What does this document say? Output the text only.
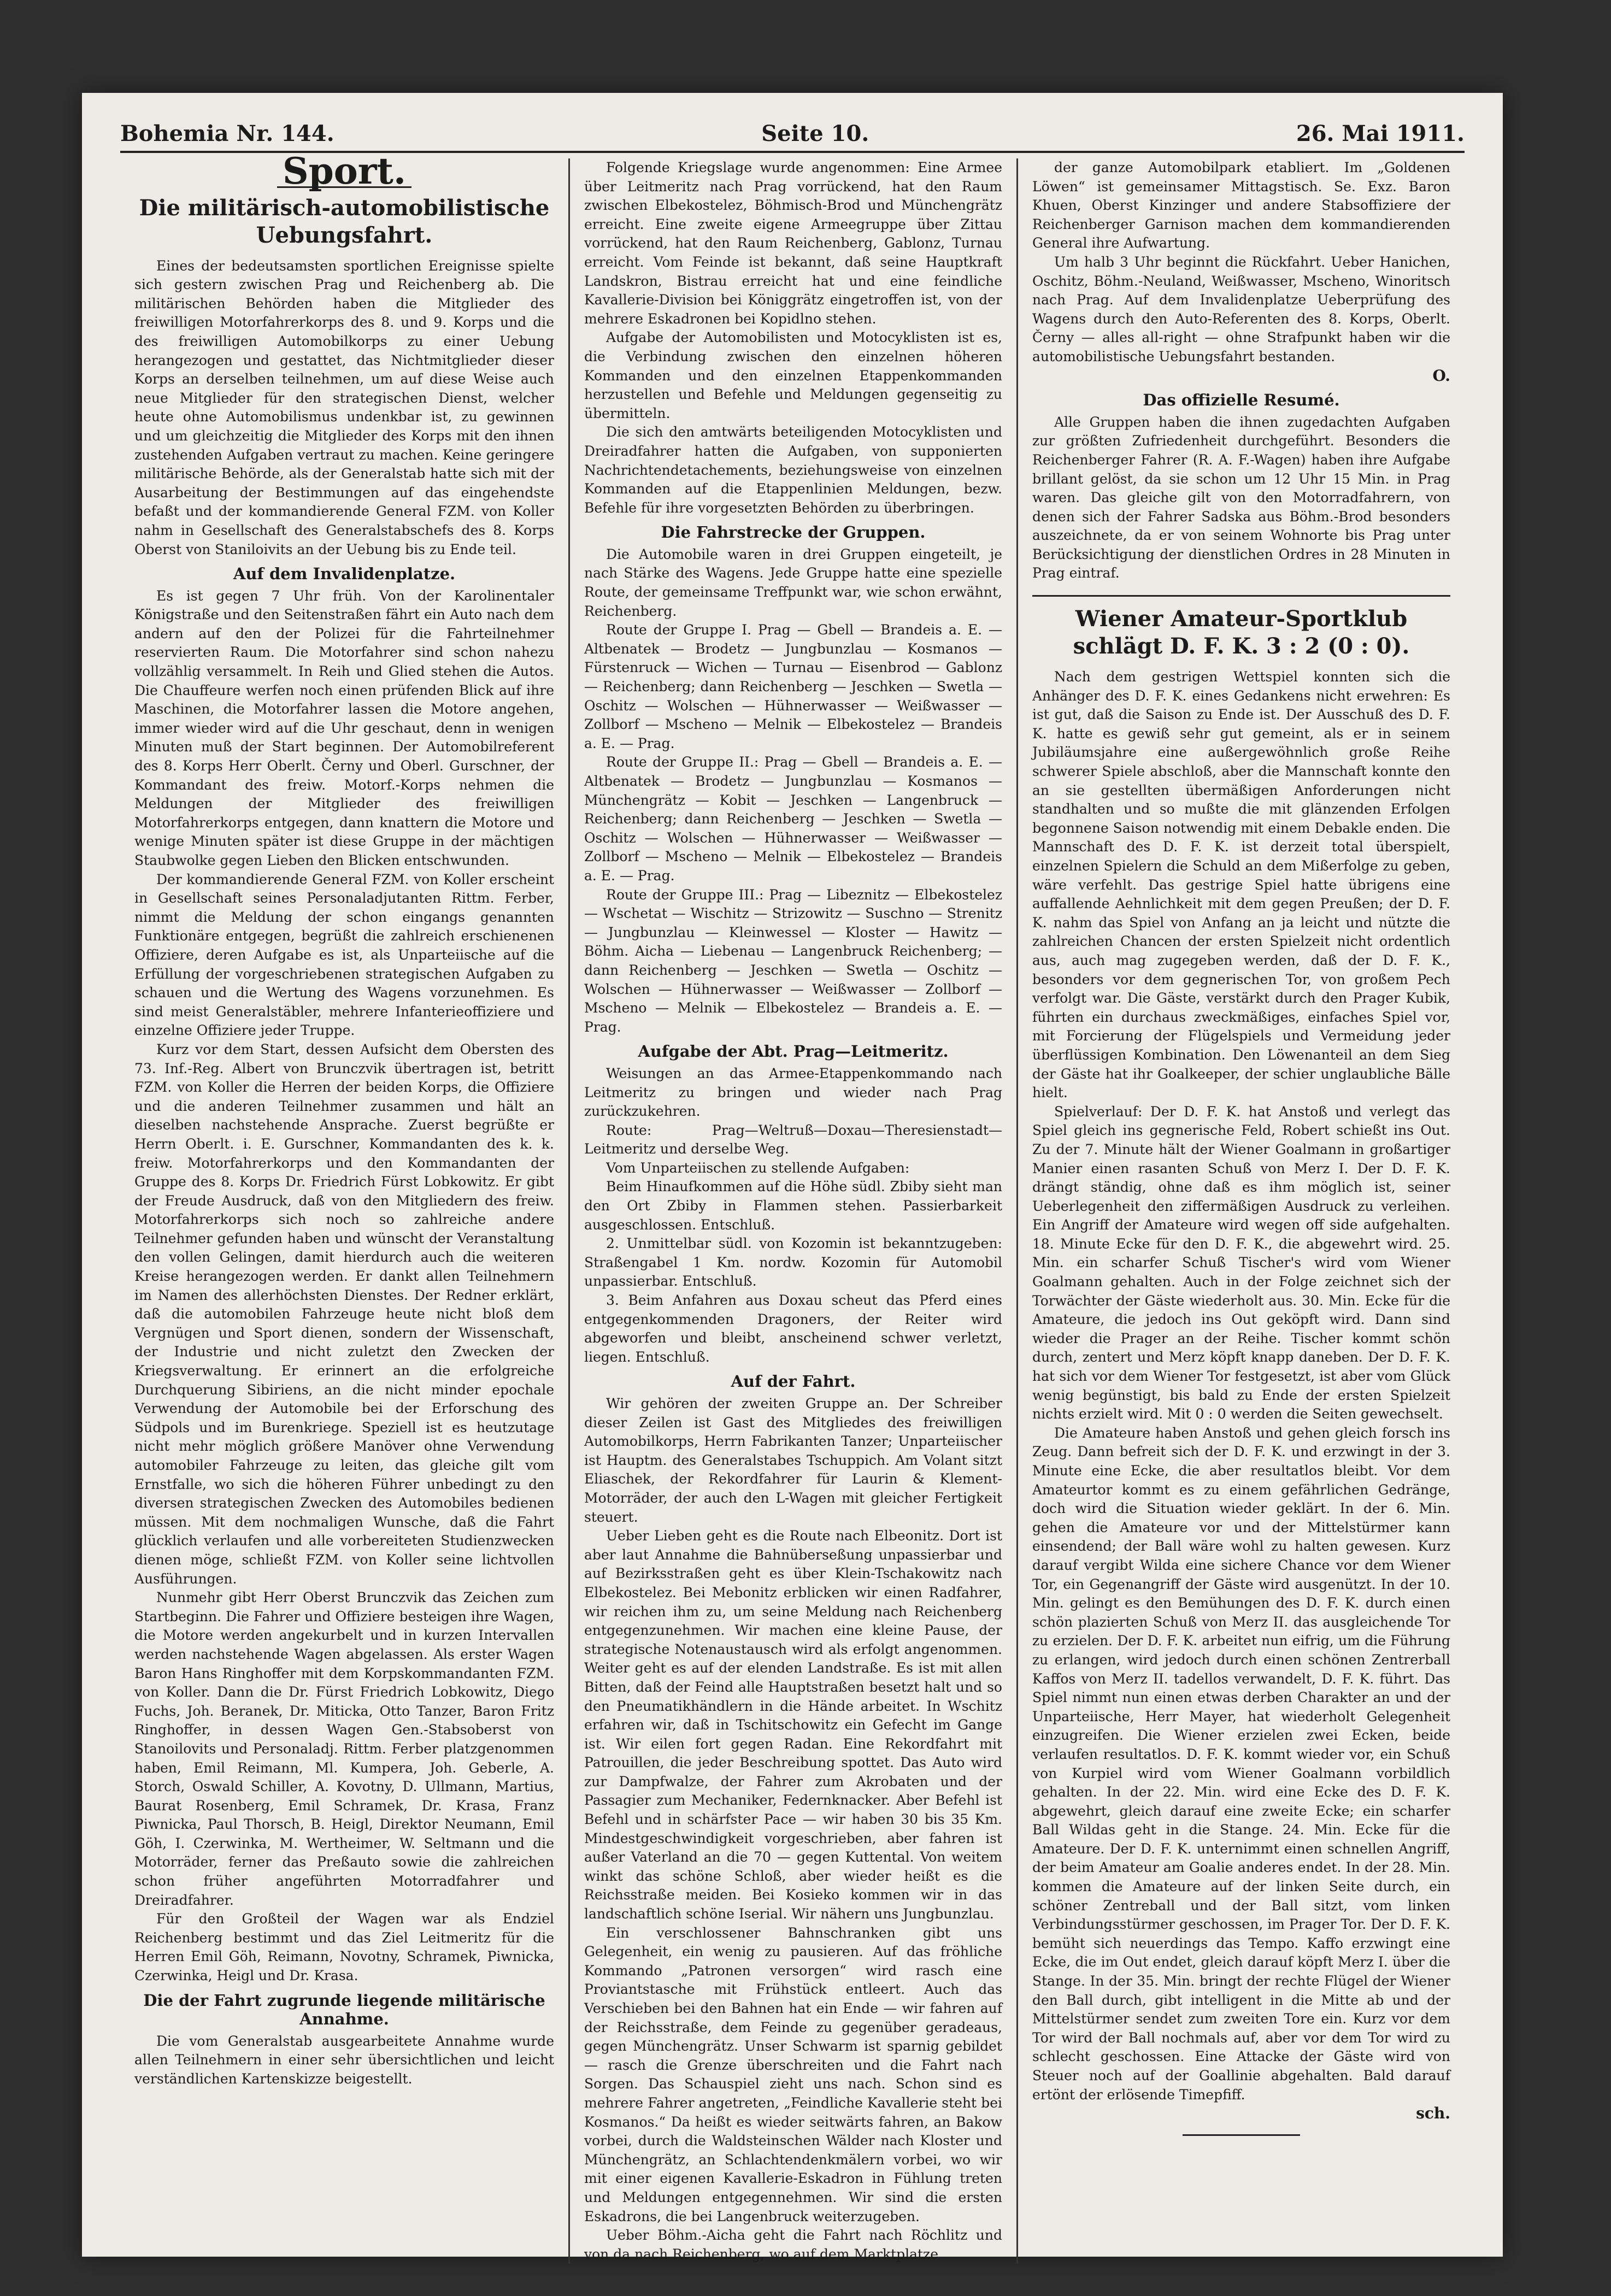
Bohemia Nr. 144.	Seite 10.	26. Mai 1911.
Sport.
Die militärisch-automobilistische Uebungsfahrt.

Eines der bedeutsamsten sportlichen Ereignisse spielte sich gestern zwischen Prag und Reichenberg ab. Die militärischen Behörden haben die Mitglieder des freiwilligen Motorfahrerkorps des 8. und 9. Korps und die des freiwilligen Automobilkorps zu einer Uebung herangezogen und gestattet, das Nichtmitglieder dieser Korps an derselben teilnehmen, um auf diese Weise auch neue Mitglieder für den strategischen Dienst, welcher heute ohne Automobilismus undenkbar ist, zu gewinnen und um gleichzeitig die Mitglieder des Korps mit den ihnen zustehenden Aufgaben vertraut zu machen. Keine geringere militärische Behörde, als der Generalstab hatte sich mit der Ausarbeitung der Bestimmungen auf das eingehendste befaßt und der kommandierende General FZM. von Koller nahm in Gesellschaft des Generalstabschefs des 8. Korps Oberst von Staniloivits an der Uebung bis zu Ende teil.

Auf dem Invalidenplatze.

Es ist gegen 7 Uhr früh. Von der Karolinentaler Königstraße und den Seitenstraßen fährt ein Auto nach dem andern auf den der Polizei für die Fahrteilnehmer reservierten Raum. Die Motorfahrer sind schon nahezu vollzählig versammelt. In Reih und Glied stehen die Autos. Die Chauffeure werfen noch einen prüfenden Blick auf ihre Maschinen, die Motorfahrer lassen die Motore angehen, immer wieder wird auf die Uhr geschaut, denn in wenigen Minuten muß der Start beginnen. Der Automobilreferent des 8. Korps Herr Oberlt. Černy und Oberl. Gurschner, der Kommandant des freiw. Motorf.-Korps nehmen die Meldungen der Mitglieder des freiwilligen Motorfahrerkorps entgegen, dann knattern die Motore und wenige Minuten später ist diese Gruppe in der mächtigen Staubwolke gegen Lieben den Blicken entschwunden.

Der kommandierende General FZM. von Koller erscheint in Gesellschaft seines Personaladjutanten Rittm. Ferber, nimmt die Meldung der schon eingangs genannten Funktionäre entgegen, begrüßt die zahlreich erschienenen Offiziere, deren Aufgabe es ist, als Unparteiische auf die Erfüllung der vorgeschriebenen strategischen Aufgaben zu schauen und die Wertung des Wagens vorzunehmen. Es sind meist Generalstäbler, mehrere Infanterieoffiziere und einzelne Offiziere jeder Truppe.

Kurz vor dem Start, dessen Aufsicht dem Obersten des 73. Inf.-Reg. Albert von Brunczvik übertragen ist, betritt FZM. von Koller die Herren der beiden Korps, die Offiziere und die anderen Teilnehmer zusammen und hält an dieselben nachstehende Ansprache. Zuerst begrüßte er Herrn Oberlt. i. E. Gurschner, Kommandanten des k. k. freiw. Motorfahrerkorps und den Kommandanten der Gruppe des 8. Korps Dr. Friedrich Fürst Lobkowitz. Er gibt der Freude Ausdruck, daß von den Mitgliedern des freiw. Motorfahrerkorps sich noch so zahlreiche andere Teilnehmer gefunden haben und wünscht der Veranstaltung den vollen Gelingen, damit hierdurch auch die weiteren Kreise herangezogen werden. Er dankt allen Teilnehmern im Namen des allerhöchsten Dienstes. Der Redner erklärt, daß die automobilen Fahrzeuge heute nicht bloß dem Vergnügen und Sport dienen, sondern der Wissenschaft, der Industrie und nicht zuletzt den Zwecken der Kriegsverwaltung. Er erinnert an die erfolgreiche Durchquerung Sibiriens, an die nicht minder epochale Verwendung der Automobile bei der Erforschung des Südpols und im Burenkriege. Speziell ist es heutzutage nicht mehr möglich größere Manöver ohne Verwendung automobiler Fahrzeuge zu leiten, das gleiche gilt vom Ernstfalle, wo sich die höheren Führer unbedingt zu den diversen strategischen Zwecken des Automobiles bedienen müssen. Mit dem nochmaligen Wunsche, daß die Fahrt glücklich verlaufen und alle vorbereiteten Studienzwecken dienen möge, schließt FZM. von Koller seine lichtvollen Ausführungen.

Nunmehr gibt Herr Oberst Brunczvik das Zeichen zum Startbeginn. Die Fahrer und Offiziere besteigen ihre Wagen, die Motore werden angekurbelt und in kurzen Intervallen werden nachstehende Wagen abgelassen. Als erster Wagen Baron Hans Ringhoffer mit dem Korpskommandanten FZM. von Koller. Dann die Dr. Fürst Friedrich Lobkowitz, Diego Fuchs, Joh. Beranek, Dr. Miticka, Otto Tanzer, Baron Fritz Ringhoffer, in dessen Wagen Gen.-Stabsoberst von Stanoilovits und Personaladj. Rittm. Ferber platzgenommen haben, Emil Reimann, Ml. Kumpera, Joh. Geberle, A. Storch, Oswald Schiller, A. Kovotny, D. Ullmann, Martius, Baurat Rosenberg, Emil Schramek, Dr. Krasa, Franz Piwnicka, Paul Thorsch, B. Heigl, Direktor Neumann, Emil Göh, I. Czerwinka, M. Wertheimer, W. Seltmann und die Motorräder, ferner das Preßauto sowie die zahlreichen schon früher angeführten Motorradfahrer und Dreiradfahrer.

Für den Großteil der Wagen war als Endziel Reichenberg bestimmt und das Ziel Leitmeritz für die Herren Emil Göh, Reimann, Novotny, Schramek, Piwnicka, Czerwinka, Heigl und Dr. Krasa.

Die der Fahrt zugrunde liegende militärische Annahme.

Die vom Generalstab ausgearbeitete Annahme wurde allen Teilnehmern in einer sehr übersichtlichen und leicht verständlichen Kartenskizze beigestellt.

Folgende Kriegslage wurde angenommen: Eine Armee über Leitmeritz nach Prag vorrückend, hat den Raum zwischen Elbekostelez, Böhmisch-Brod und Münchengrätz erreicht. Eine zweite eigene Armeegruppe über Zittau vorrückend, hat den Raum Reichenberg, Gablonz, Turnau erreicht. Vom Feinde ist bekannt, daß seine Hauptkraft Landskron, Bistrau erreicht hat und eine feindliche Kavallerie-Division bei Königgrätz eingetroffen ist, von der mehrere Eskadronen bei Kopidlno stehen.

Aufgabe der Automobilisten und Motocyklisten ist es, die Verbindung zwischen den einzelnen höheren Kommanden und den einzelnen Etappenkommanden herzustellen und Befehle und Meldungen gegenseitig zu übermitteln.

Die sich den amtwärts beteiligenden Motocyklisten und Dreiradfahrer hatten die Aufgaben, von supponierten Nachrichtendetachements, beziehungsweise von einzelnen Kommanden auf die Etappenlinien Meldungen, bezw. Befehle für ihre vorgesetzten Behörden zu überbringen.

Die Fahrstrecke der Gruppen.

Die Automobile waren in drei Gruppen eingeteilt, je nach Stärke des Wagens. Jede Gruppe hatte eine spezielle Route, der gemeinsame Treffpunkt war, wie schon erwähnt, Reichenberg.

Route der Gruppe I. Prag — Gbell — Brandeis a. E. — Altbenatek — Brodetz — Jungbunzlau — Kosmanos — Fürstenruck — Wichen — Turnau — Eisenbrod — Gablonz — Reichenberg; dann Reichenberg — Jeschken — Swetla — Oschitz — Wolschen — Hühnerwasser — Weißwasser — Zollborf — Mscheno — Melnik — Elbekostelez — Brandeis a. E. — Prag.

Route der Gruppe II.: Prag — Gbell — Brandeis a. E. — Altbenatek — Brodetz — Jungbunzlau — Kosmanos — Münchengrätz — Kobit — Jeschken — Langenbruck — Reichenberg; dann Reichenberg — Jeschken — Swetla — Oschitz — Wolschen — Hühnerwasser — Weißwasser — Zollborf — Mscheno — Melnik — Elbekostelez — Brandeis a. E. — Prag.

Route der Gruppe III.: Prag — Libeznitz — Elbekostelez — Wschetat — Wischitz — Strizowitz — Suschno — Strenitz — Jungbunzlau — Kleinwessel — Kloster — Hawitz — Böhm. Aicha — Liebenau — Langenbruck Reichenberg; — dann Reichenberg — Jeschken — Swetla — Oschitz — Wolschen — Hühnerwasser — Weißwasser — Zollborf — Mscheno — Melnik — Elbekostelez — Brandeis a. E. — Prag.

Aufgabe der Abt. Prag—Leitmeritz.

Weisungen an das Armee-Etappenkommando nach Leitmeritz zu bringen und wieder nach Prag zurückzukehren.

Route: Prag—Weltruß—Doxau—Theresienstadt—Leitmeritz und derselbe Weg.

Vom Unparteiischen zu stellende Aufgaben:

Beim Hinaufkommen auf die Höhe südl. Zbiby sieht man den Ort Zbiby in Flammen stehen. Passierbarkeit ausgeschlossen. Entschluß.

2. Unmittelbar südl. von Kozomin ist bekanntzugeben: Straßengabel 1 Km. nordw. Kozomin für Automobil unpassierbar. Entschluß.

3. Beim Anfahren aus Doxau scheut das Pferd eines entgegenkommenden Dragoners, der Reiter wird abgeworfen und bleibt, anscheinend schwer verletzt, liegen. Entschluß.

Auf der Fahrt.

Wir gehören der zweiten Gruppe an. Der Schreiber dieser Zeilen ist Gast des Mitgliedes des freiwilligen Automobilkorps, Herrn Fabrikanten Tanzer; Unparteiischer ist Hauptm. des Generalstabes Tschuppich. Am Volant sitzt Eliaschek, der Rekordfahrer für Laurin & Klement-Motorräder, der auch den L-Wagen mit gleicher Fertigkeit steuert.

Ueber Lieben geht es die Route nach Elbeonitz. Dort ist aber laut Annahme die Bahnüberseßung unpassierbar und auf Bezirksstraßen geht es über Klein-Tschakowitz nach Elbekostelez. Bei Mebonitz erblicken wir einen Radfahrer, wir reichen ihm zu, um seine Meldung nach Reichenberg entgegenzunehmen. Wir machen eine kleine Pause, der strategische Notenaustausch wird als erfolgt angenommen. Weiter geht es auf der elenden Landstraße. Es ist mit allen Bitten, daß der Feind alle Hauptstraßen besetzt halt und so den Pneumatikhändlern in die Hände arbeitet. In Wschitz erfahren wir, daß in Tschitschowitz ein Gefecht im Gange ist. Wir eilen fort gegen Radan. Eine Rekordfahrt mit Patrouillen, die jeder Beschreibung spottet. Das Auto wird zur Dampfwalze, der Fahrer zum Akrobaten und der Passagier zum Mechaniker, Federnknacker. Aber Befehl ist Befehl und in schärfster Pace — wir haben 30 bis 35 Km. Mindestgeschwindigkeit vorgeschrieben, aber fahren ist außer Vaterland an die 70 — gegen Kuttental. Von weitem winkt das schöne Schloß, aber wieder heißt es die Reichsstraße meiden. Bei Kosieko kommen wir in das landschaftlich schöne Iserial. Wir nähern uns Jungbunzlau.

Ein verschlossener Bahnschranken gibt uns Gelegenheit, ein wenig zu pausieren. Auf das fröhliche Kommando „Patronen versorgen“ wird rasch eine Proviantstasche mit Frühstück entleert. Auch das Verschieben bei den Bahnen hat ein Ende — wir fahren auf der Reichsstraße, dem Feinde zu gegenüber geradeaus, gegen Münchengrätz. Unser Schwarm ist sparnig gebildet — rasch die Grenze überschreiten und die Fahrt nach Sorgen. Das Schauspiel zieht uns nach. Schon sind es mehrere Fahrer angetreten, „Feindliche Kavallerie steht bei Kosmanos.“ Da heißt es wieder seitwärts fahren, an Bakow vorbei, durch die Waldsteinschen Wälder nach Kloster und Münchengrätz, an Schlachtendenkmälern vorbei, wo wir mit einer eigenen Kavallerie-Eskadron in Fühlung treten und Meldungen entgegennehmen. Wir sind die ersten Eskadrons, die bei Langenbruck weiterzugeben.

Ueber Böhm.-Aicha geht die Fahrt nach Röchlitz und von da nach Reichenberg, wo auf dem Marktplatze

der ganze Automobilpark etabliert. Im „Goldenen Löwen“ ist gemeinsamer Mittagstisch. Se. Exz. Baron Khuen, Oberst Kinzinger und andere Stabsoffiziere der Reichenberger Garnison machen dem kommandierenden General ihre Aufwartung.

Um halb 3 Uhr beginnt die Rückfahrt. Ueber Hanichen, Oschitz, Böhm.-Neuland, Weißwasser, Mscheno, Winoritsch nach Prag. Auf dem Invalidenplatze Ueberprüfung des Wagens durch den Auto-Referenten des 8. Korps, Oberlt. Černy — alles all-right — ohne Strafpunkt haben wir die automobilistische Uebungsfahrt bestanden.

O.
Das offizielle Resumé.

Alle Gruppen haben die ihnen zugedachten Aufgaben zur größten Zufriedenheit durchgeführt. Besonders die Reichenberger Fahrer (R. A. F.-Wagen) haben ihre Aufgabe brillant gelöst, da sie schon um 12 Uhr 15 Min. in Prag waren. Das gleiche gilt von den Motorradfahrern, von denen sich der Fahrer Sadska aus Böhm.-Brod besonders auszeichnete, da er von seinem Wohnorte bis Prag unter Berücksichtigung der dienstlichen Ordres in 28 Minuten in Prag eintraf.

Wiener Amateur-Sportklub schlägt D. F. K. 3 : 2 (0 : 0).

Nach dem gestrigen Wettspiel konnten sich die Anhänger des D. F. K. eines Gedankens nicht erwehren: Es ist gut, daß die Saison zu Ende ist. Der Ausschuß des D. F. K. hatte es gewiß sehr gut gemeint, als er in seinem Jubiläumsjahre eine außergewöhnlich große Reihe schwerer Spiele abschloß, aber die Mannschaft konnte den an sie gestellten übermäßigen Anforderungen nicht standhalten und so mußte die mit glänzenden Erfolgen begonnene Saison notwendig mit einem Debakle enden. Die Mannschaft des D. F. K. ist derzeit total überspielt, einzelnen Spielern die Schuld an dem Mißerfolge zu geben, wäre verfehlt. Das gestrige Spiel hatte übrigens eine auffallende Aehnlichkeit mit dem gegen Preußen; der D. F. K. nahm das Spiel von Anfang an ja leicht und nützte die zahlreichen Chancen der ersten Spielzeit nicht ordentlich aus, auch mag zugegeben werden, daß der D. F. K., besonders vor dem gegnerischen Tor, von großem Pech verfolgt war. Die Gäste, verstärkt durch den Prager Kubik, führten ein durchaus zweckmäßiges, einfaches Spiel vor, mit Forcierung der Flügelspiels und Vermeidung jeder überflüssigen Kombination. Den Löwenanteil an dem Sieg der Gäste hat ihr Goalkeeper, der schier unglaubliche Bälle hielt.

Spielverlauf: Der D. F. K. hat Anstoß und verlegt das Spiel gleich ins gegnerische Feld, Robert schießt ins Out. Zu der 7. Minute hält der Wiener Goalmann in großartiger Manier einen rasanten Schuß von Merz I. Der D. F. K. drängt ständig, ohne daß es ihm möglich ist, seiner Ueberlegenheit den ziffermäßigen Ausdruck zu verleihen. Ein Angriff der Amateure wird wegen off side aufgehalten. 18. Minute Ecke für den D. F. K., die abgewehrt wird. 25. Min. ein scharfer Schuß Tischer's wird vom Wiener Goalmann gehalten. Auch in der Folge zeichnet sich der Torwächter der Gäste wiederholt aus. 30. Min. Ecke für die Amateure, die jedoch ins Out geköpft wird. Dann sind wieder die Prager an der Reihe. Tischer kommt schön durch, zentert und Merz köpft knapp daneben. Der D. F. K. hat sich vor dem Wiener Tor festgesetzt, ist aber vom Glück wenig begünstigt, bis bald zu Ende der ersten Spielzeit nichts erzielt wird. Mit 0 : 0 werden die Seiten gewechselt.

Die Amateure haben Anstoß und gehen gleich forsch ins Zeug. Dann befreit sich der D. F. K. und erzwingt in der 3. Minute eine Ecke, die aber resultatlos bleibt. Vor dem Amateurtor kommt es zu einem gefährlichen Gedränge, doch wird die Situation wieder geklärt. In der 6. Min. gehen die Amateure vor und der Mittelstürmer kann einsendend; der Ball wäre wohl zu halten gewesen. Kurz darauf vergibt Wilda eine sichere Chance vor dem Wiener Tor, ein Gegenangriff der Gäste wird ausgenützt. In der 10. Min. gelingt es den Bemühungen des D. F. K. durch einen schön plazierten Schuß von Merz II. das ausgleichende Tor zu erzielen. Der D. F. K. arbeitet nun eifrig, um die Führung zu erlangen, wird jedoch durch einen schönen Zentrerball Kaffos von Merz II. tadellos verwandelt, D. F. K. führt. Das Spiel nimmt nun einen etwas derben Charakter an und der Unparteiische, Herr Mayer, hat wiederholt Gelegenheit einzugreifen. Die Wiener erzielen zwei Ecken, beide verlaufen resultatlos. D. F. K. kommt wieder vor, ein Schuß von Kurpiel wird vom Wiener Goalmann vorbildlich gehalten. In der 22. Min. wird eine Ecke des D. F. K. abgewehrt, gleich darauf eine zweite Ecke; ein scharfer Ball Wildas geht in die Stange. 24. Min. Ecke für die Amateure. Der D. F. K. unternimmt einen schnellen Angriff, der beim Amateur am Goalie anderes endet. In der 28. Min. kommen die Amateure auf der linken Seite durch, ein schöner Zentreball und der Ball sitzt, vom linken Verbindungsstürmer geschossen, im Prager Tor. Der D. F. K. bemüht sich neuerdings das Tempo. Kaffo erzwingt eine Ecke, die im Out endet, gleich darauf köpft Merz I. über die Stange. In der 35. Min. bringt der rechte Flügel der Wiener den Ball durch, gibt intelligent in die Mitte ab und der Mittelstürmer sendet zum zweiten Tore ein. Kurz vor dem Tor wird der Ball nochmals auf, aber vor dem Tor wird zu schlecht geschossen. Eine Attacke der Gäste wird von Steuer noch auf der Goallinie abgehalten. Bald darauf ertönt der erlösende Timepfiff.

sch.
